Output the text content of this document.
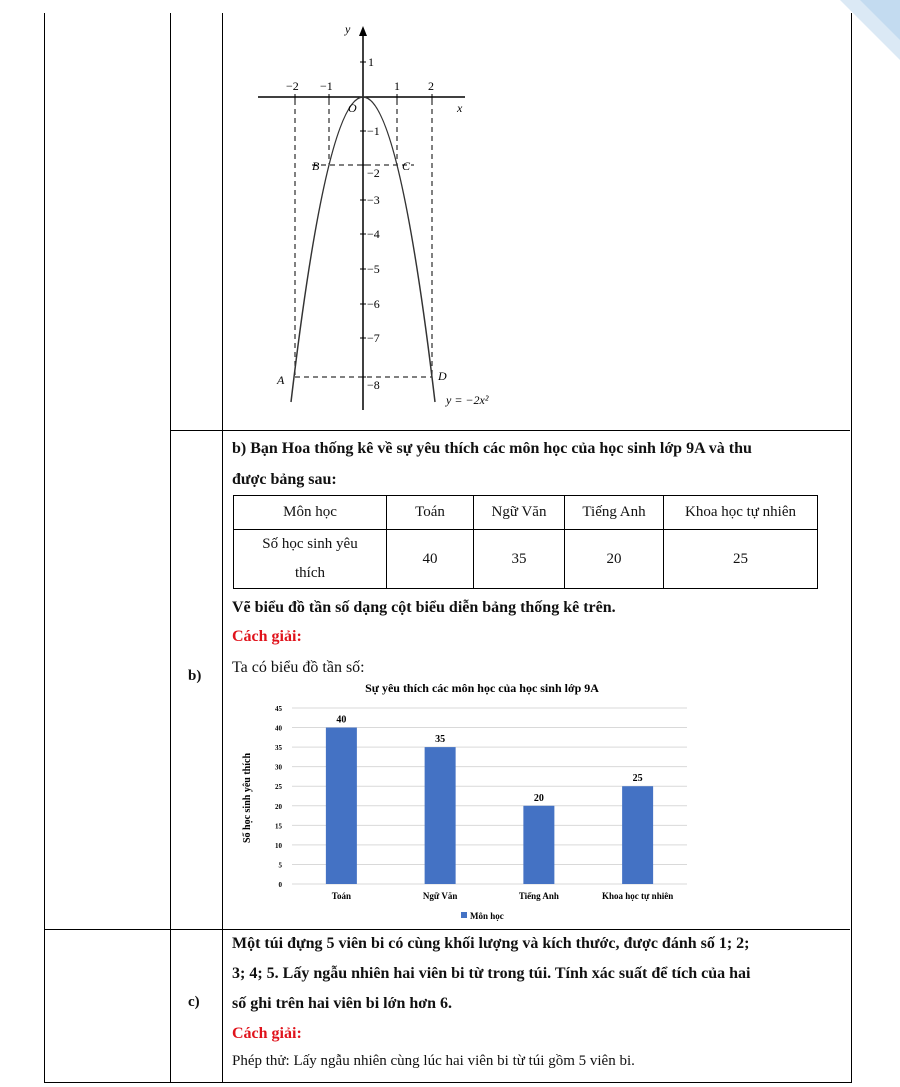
y
x
O
−2 −1	1 2
1
−1
−2
−3
−4
−5
−6
−7
−8
B	C
A	D
y = −2x²
b)
b) Bạn Hoa thống kê về sự yêu thích các môn học của học sinh lớp 9A và thu
được bảng sau:
Môn học	Toán	Ngữ Văn	Tiếng Anh	Khoa học tự nhiên

Số học sinh yêu
thích	40	35	20	25
Vẽ biểu đồ tần số dạng cột biểu diễn bảng thống kê trên.
Cách giải:
Ta có biểu đồ tần số:
Sự yêu thích các môn học của học sinh lớp 9A
Số học sinh yêu thích
0
5
10
15
20
25
30
35
40
45
40
35
20
25
Toán	Ngữ Văn	Tiếng Anh	Khoa học tự nhiên
Môn học
c)
Một túi đựng 5 viên bi có cùng khối lượng và kích thước, được đánh số 1; 2;
3; 4; 5. Lấy ngẫu nhiên hai viên bi từ trong túi. Tính xác suất để tích của hai
số ghi trên hai viên bi lớn hơn 6.
Cách giải:
Phép thử: Lấy ngẫu nhiên cùng lúc hai viên bi từ túi gồm 5 viên bi.
